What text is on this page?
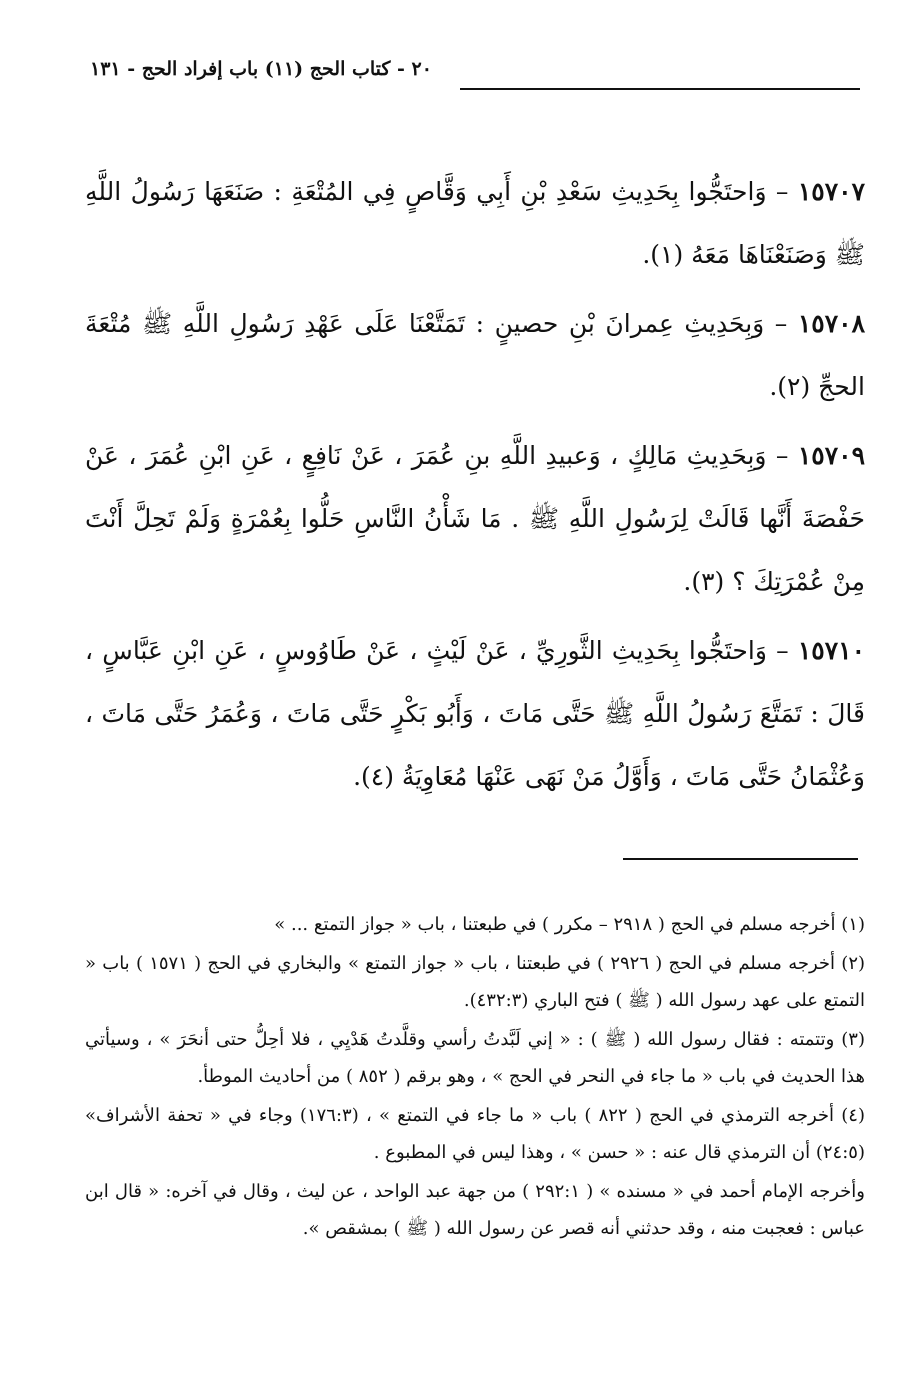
٢٠ - كتاب الحج (١١) باب إفراد الحج - ١٣١

١٥٧٠٧ – وَاحتَجُّوا بِحَدِيثِ سَعْدِ بْنِ أَبِي وَقَّاصٍ فِي المُتْعَةِ : صَنَعَهَا رَسُولُ اللَّهِ ﷺ وَصَنَعْنَاهَا مَعَهُ (١).

١٥٧٠٨ – وَبِحَدِيثِ عِمرانَ بْنِ حصينٍ : تَمَتَّعْنَا عَلَى عَهْدِ رَسُولِ اللَّهِ ﷺ مُتْعَةَ الحجِّ (٢).

١٥٧٠٩ – وَبِحَدِيثِ مَالِكٍ ، وَعبيدِ اللَّهِ بنِ عُمَرَ ، عَنْ نَافِعٍ ، عَنِ ابْنِ عُمَرَ ، عَنْ حَفْصَةَ أَنَّها قَالَتْ لِرَسُولِ اللَّهِ ﷺ . مَا شَأْنُ النَّاسِ حَلُّوا بِعُمْرَةٍ وَلَمْ تَحِلَّ أَنْتَ مِنْ عُمْرَتِكَ ؟ (٣).

١٥٧١٠ – وَاحتَجُّوا بِحَدِيثِ الثَّورِيِّ ، عَنْ لَيْثٍ ، عَنْ طَاوُوسٍ ، عَنِ ابْنِ عَبَّاسٍ ، قَالَ : تَمَتَّعَ رَسُولُ اللَّهِ ﷺ حَتَّى مَاتَ ، وَأَبُو بَكْرٍ حَتَّى مَاتَ ، وَعُمَرُ حَتَّى مَاتَ ، وَعُثْمَانُ حَتَّى مَاتَ ، وَأَوَّلُ مَنْ نَهَى عَنْهَا مُعَاوِيَةُ (٤).

(١) أخرجه مسلم في الحج ( ٢٩١٨ – مكرر ) في طبعتنا ، باب « جواز التمتع ... »

(٢) أخرجه مسلم في الحج ( ٢٩٢٦ ) في طبعتنا ، باب « جواز التمتع » والبخاري في الحج ( ١٥٧١ ) باب « التمتع على عهد رسول الله ( ﷺ ) فتح الباري (٤٣٢:٣).

(٣) وتتمته : فقال رسول الله ( ﷺ ) : « إني لَبَّدتُ رأسي وقلَّدتُ هَدْيِي ، فلا أحِلُّ حتى أنحَرَ » ، وسيأتي هذا الحديث في باب « ما جاء في النحر في الحج » ، وهو برقم ( ٨٥٢ ) من أحاديث الموطأ.

(٤) أخرجه الترمذي في الحج ( ٨٢٢ ) باب « ما جاء في التمتع » ، (١٧٦:٣) وجاء في « تحفة الأشراف» (٢٤:٥) أن الترمذي قال عنه : « حسن » ، وهذا ليس في المطبوع .

وأخرجه الإمام أحمد في « مسنده » ( ٢٩٢:١ ) من جهة عبد الواحد ، عن ليث ، وقال في آخره: « قال ابن عباس : فعجبت منه ، وقد حدثني أنه قصر عن رسول الله ( ﷺ ) بمشقص ».
